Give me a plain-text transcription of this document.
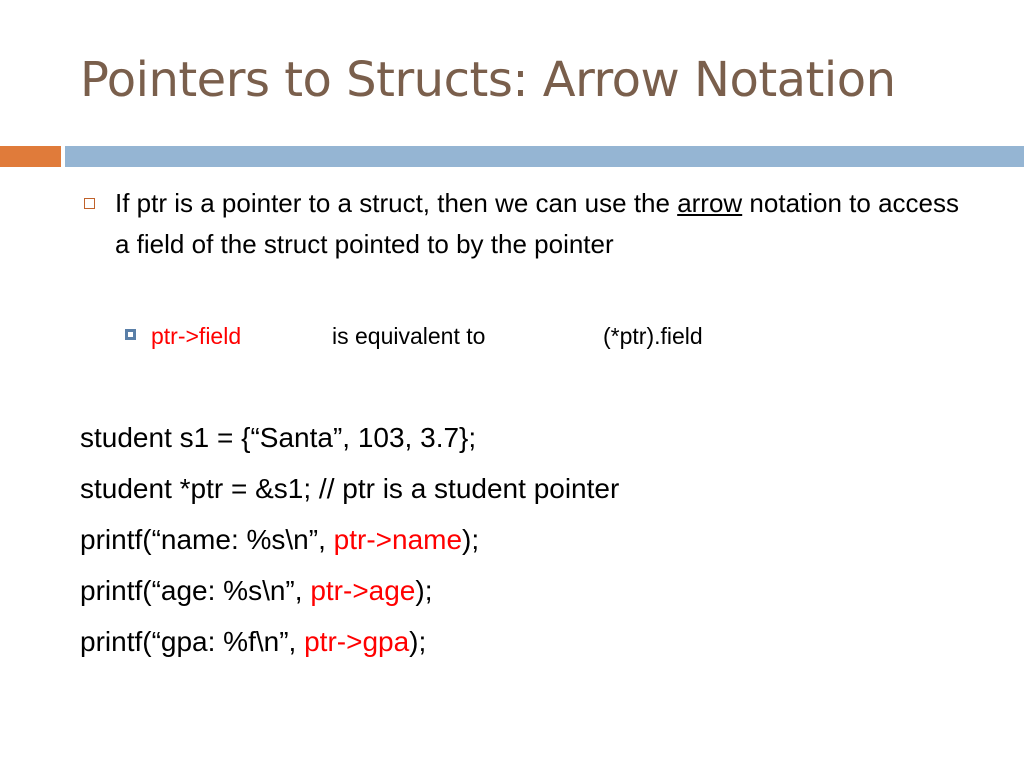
Pointers to Structs: Arrow Notation
If ptr is a pointer to a struct, then we can use the arrow notation to access a field of the struct pointed to by the pointer
ptr->field	is equivalent to	(*ptr).field
student s1 = {“Santa”, 103, 3.7};
student *ptr = &s1; // ptr is a student pointer
printf(“name: %s\n”, ptr->name);
printf(“age: %s\n”, ptr->age);
printf(“gpa: %f\n”, ptr->gpa);
